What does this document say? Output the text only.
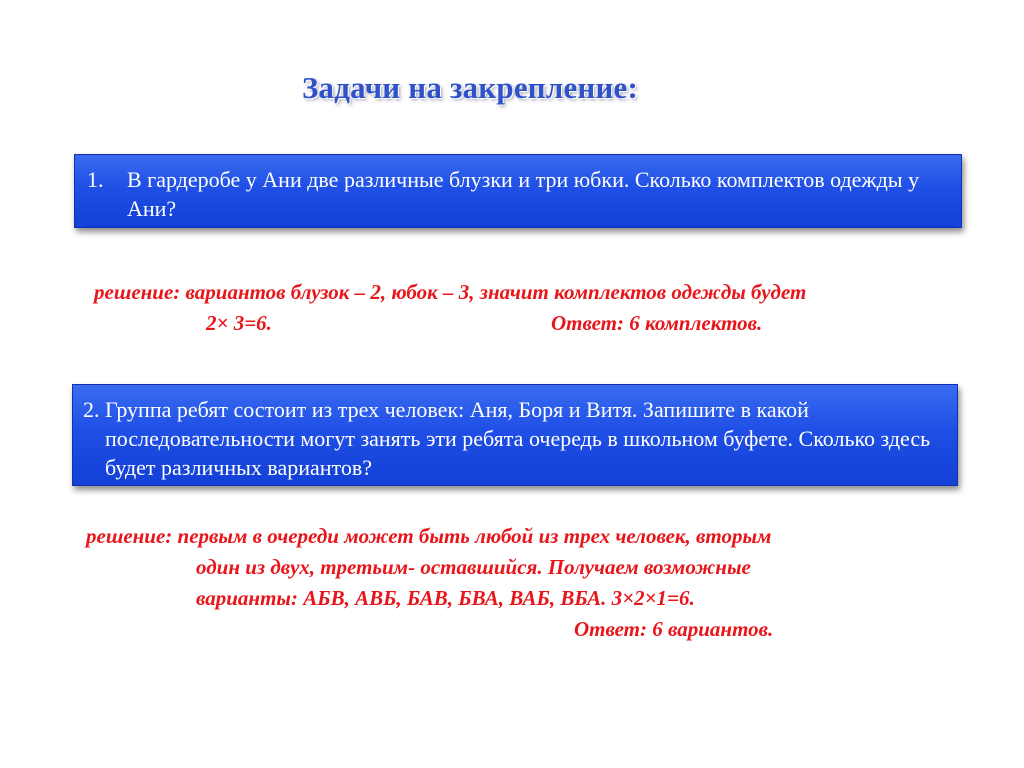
Задачи на закрепление:
1.	В гардеробе у Ани две различные блузки и три юбки. Сколько комплектов одежды у Ани?
решение: вариантов блузок – 2, юбок – 3, значит комплектов одежды будет
2× 3=6.	Ответ: 6 комплектов.
2. Группа ребят состоит из трех человек: Аня, Боря и Витя. Запишите в какой последовательности могут занять эти ребята очередь в школьном буфете. Сколько здесь будет различных вариантов?
решение: первым в очереди может быть любой из трех человек, вторым
один из двух, третьим- оставшийся. Получаем возможные
варианты: АБВ, АВБ, БАВ, БВА, ВАБ, ВБА. 3×2×1=6.
Ответ: 6 вариантов.
